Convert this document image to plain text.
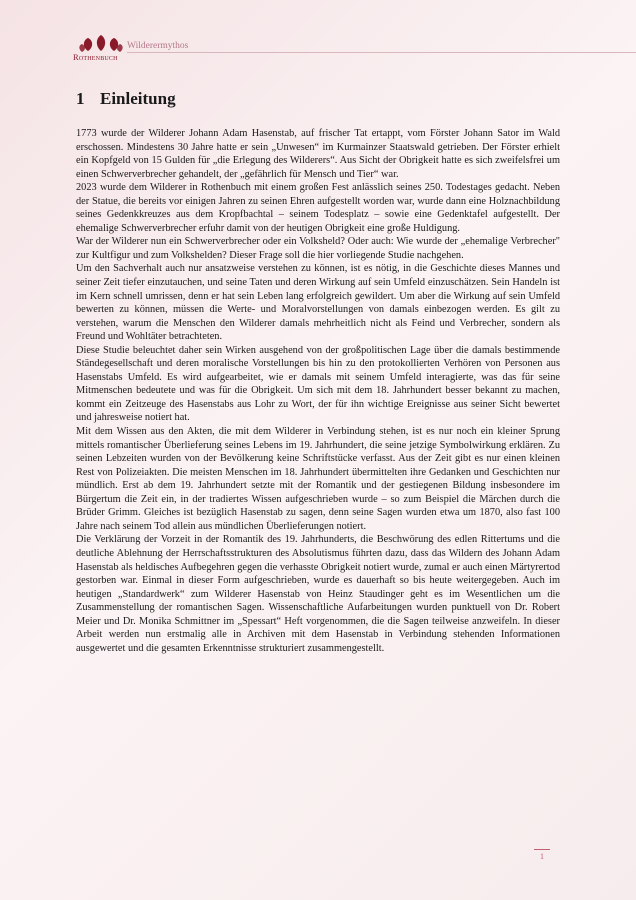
Rothenbuch
Wilderermythos
1 Einleitung

1773 wurde der Wilderer Johann Adam Hasenstab, auf frischer Tat ertappt, vom Förster Johann Sator im Wald erschossen. Mindestens 30 Jahre hatte er sein „Unwesen“ im Kurmainzer Staatswald getrieben. Der Förster erhielt ein Kopfgeld von 15 Gulden für „die Erlegung des Wilderers“. Aus Sicht der Obrigkeit hatte es sich zweifelsfrei um einen Schwerverbrecher gehandelt, der „gefährlich für Mensch und Tier“ war.

2023 wurde dem Wilderer in Rothenbuch mit einem großen Fest anlässlich seines 250. Todestages gedacht. Neben der Statue, die bereits vor einigen Jahren zu seinen Ehren aufgestellt worden war, wurde dann eine Holznachbildung seines Gedenkkreuzes aus dem Kropfbachtal – seinem Todesplatz – sowie eine Gedenktafel aufgestellt. Der ehemalige Schwerverbrecher erfuhr damit von der heutigen Obrigkeit eine große Huldigung.

War der Wilderer nun ein Schwerverbrecher oder ein Volksheld? Oder auch: Wie wurde der „ehemalige Verbrecher" zur Kultfigur und zum Volkshelden? Dieser Frage soll die hier vorliegende Studie nachgehen.

Um den Sachverhalt auch nur ansatzweise verstehen zu können, ist es nötig, in die Geschichte dieses Mannes und seiner Zeit tiefer einzutauchen, und seine Taten und deren Wirkung auf sein Umfeld einzuschätzen. Sein Handeln ist im Kern schnell umrissen, denn er hat sein Leben lang erfolgreich gewildert. Um aber die Wirkung auf sein Umfeld bewerten zu können, müssen die Werte- und Moralvorstellungen von damals einbezogen werden. Es gilt zu verstehen, warum die Menschen den Wilderer damals mehrheitlich nicht als Feind und Verbrecher, sondern als Freund und Wohltäter betrachteten.

Diese Studie beleuchtet daher sein Wirken ausgehend von der großpolitischen Lage über die damals bestimmende Ständegesellschaft und deren moralische Vorstellungen bis hin zu den protokollierten Verhören von Personen aus Hasenstabs Umfeld. Es wird aufgearbeitet, wie er damals mit seinem Umfeld interagierte, was das für seine Mitmenschen bedeutete und was für die Obrigkeit. Um sich mit dem 18. Jahrhundert besser bekannt zu machen, kommt ein Zeitzeuge des Hasenstabs aus Lohr zu Wort, der für ihn wichtige Ereignisse aus seiner Sicht bewertet und jahresweise notiert hat.

Mit dem Wissen aus den Akten, die mit dem Wilderer in Verbindung stehen, ist es nur noch ein kleiner Sprung mittels romantischer Überlieferung seines Lebens im 19. Jahrhundert, die seine jetzige Symbolwirkung erklären. Zu seinen Lebzeiten wurden von der Bevölkerung keine Schriftstücke verfasst. Aus der Zeit gibt es nur einen kleinen Rest von Polizeiakten. Die meisten Menschen im 18. Jahrhundert übermittelten ihre Gedanken und Geschichten nur mündlich. Erst ab dem 19. Jahrhundert setzte mit der Romantik und der gestiegenen Bildung insbesondere im Bürgertum die Zeit ein, in der tradiertes Wissen aufgeschrieben wurde – so zum Beispiel die Märchen durch die Brüder Grimm. Gleiches ist bezüglich Hasenstab zu sagen, denn seine Sagen wurden etwa um 1870, also fast 100 Jahre nach seinem Tod allein aus mündlichen Überlieferungen notiert.

Die Verklärung der Vorzeit in der Romantik des 19. Jahrhunderts, die Beschwörung des edlen Rittertums und die deutliche Ablehnung der Herrschaftsstrukturen des Absolutismus führten dazu, dass das Wildern des Johann Adam Hasenstab als heldisches Aufbegehren gegen die verhasste Obrigkeit notiert wurde, zumal er auch einen Märtyrertod gestorben war. Einmal in dieser Form aufgeschrieben, wurde es dauerhaft so bis heute weitergegeben. Auch im heutigen „Standardwerk“ zum Wilderer Hasenstab von Heinz Staudinger geht es im Wesentlichen um die Zusammenstellung der romantischen Sagen. Wissenschaftliche Aufarbeitungen wurden punktuell von Dr. Robert Meier und Dr. Monika Schmittner im „Spessart“ Heft vorgenommen, die die Sagen teilweise anzweifeln. In dieser Arbeit werden nun erstmalig alle in Archiven mit dem Hasenstab in Verbindung stehenden Informationen ausgewertet und die gesamten Erkenntnisse strukturiert zusammengestellt.

1
